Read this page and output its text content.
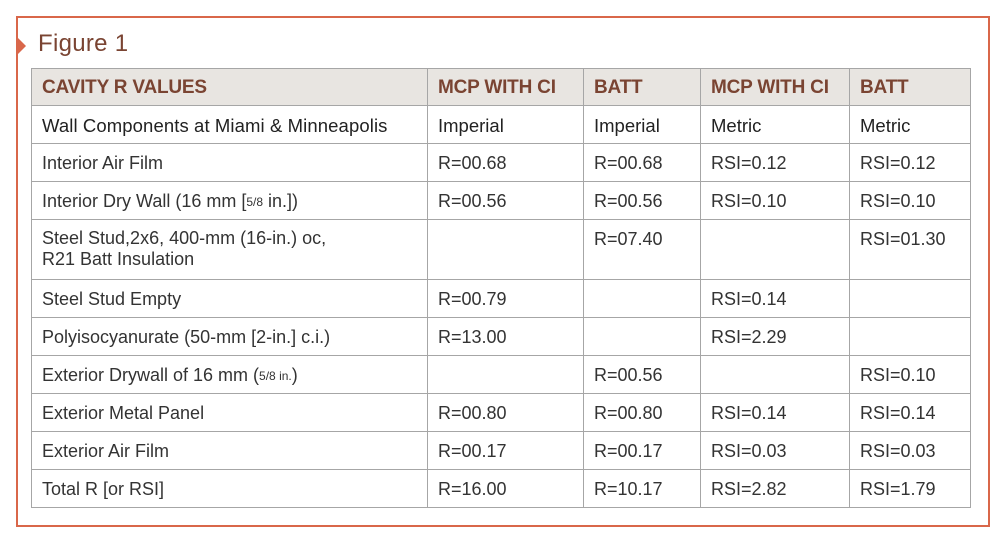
Figure 1
CAVITY R VALUES	MCP WITH CI	BATT	MCP WITH CI	BATT
Wall Components at Miami & Minneapolis	Imperial	Imperial	Metric	Metric
Interior Air Film	R=00.68	R=00.68	RSI=0.12	RSI=0.12
Interior Dry Wall (16 mm [5/8 in.])	R=00.56	R=00.56	RSI=0.10	RSI=0.10

Steel Stud,2x6, 400-mm (16-in.) oc,
R21 Batt Insulation		R=07.40		RSI=01.30
Steel Stud Empty	R=00.79		RSI=0.14	
Polyisocyanurate (50-mm [2-in.] c.i.)	R=13.00		RSI=2.29	
Exterior Drywall of 16 mm (5/8 in.)		R=00.56		RSI=0.10
Exterior Metal Panel	R=00.80	R=00.80	RSI=0.14	RSI=0.14
Exterior Air Film	R=00.17	R=00.17	RSI=0.03	RSI=0.03
Total R [or RSI]	R=16.00	R=10.17	RSI=2.82	RSI=1.79
